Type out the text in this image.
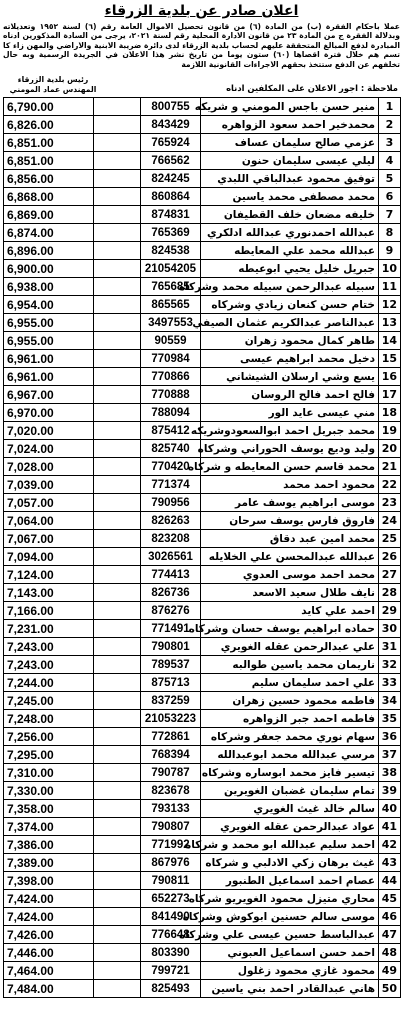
اعلان صادر عن بلدية الزرقاء

عملا باحكام الفقرة (ب) من المادة (٦) من قانون تحصيل الاموال العامة رقم (٦) لسنة ١٩٥٢ وتعديلاته وبدلالة الفقرة ج من المادة ٢٣ من قانون الادارة المحلية رقم لسنة ٢٠٢١، يرجى من السادة المذكورين ادناه المبادرة لدفع المبالغ المتحققة عليهم لحساب بلدية الزرقاء لدى دائرة ضريبة الابنية والاراضي والمهن زاء كا تسم هم خلال فترة اقصاها (٦٠) ستون يوما من تاريخ نشر هذا الاعلان في الجريدة الرسمية وبه حال تخلفهم عن الدفع ستتخذ بحقهم الاجراءات القانونية اللازمة

رئيس بلدية الزرقاء
المهندس عماد المومني	ملاحظة : اجور الاعلان على المكلفين ادناه
1	منير حسن باجس المومني و شريكه	800755		6,790.00
2	محمدخير احمد سعود الزواهره	843429		6,826.00
3	عزمي صالح سليمان عساف	765924		6,851.00
4	ليلي عيسى سليمان حنون	766562		6,851.00
5	توفيق محمود عبدالباقي اللبدي	824245		6,856.00
6	محمد مصطفى محمد ياسين	860864		6,868.00
7	خليفه مضعان خلف القطيفان	874831		6,869.00
8	عبدالله احمدنوري عبدالله ادلكري	765369		6,874.00
9	عبدالله محمد علي المعايطه	824538		6,896.00
10	جبريل خليل يحيي ابوعيطه	21054205		6,900.00
11	سبيله عبدالرحمن سبيله محمد وشركاه	765685		6,938.00
12	ختام حسن كنعان زيادي وشركاه	865565		6,954.00
13	عبدالناصر عبدالكريم عثمان الصيفي	3497553		6,955.00
14	طاهر كمال محمود زهران	90559		6,955.00
15	دخيل محمد ابراهيم عيسى	770984		6,961.00
16	يسع وشي ارسلان الشيشاني	770866		6,961.00
17	فالح احمد فالح الروسان	770888		6,967.00
18	مني عيسى عايد الور	788094		6,970.00
19	محمد جبريل احمد ابوالسعودوشريكه	875412		7,020.00
20	وليد وديع يوسف الحوراني وشركاه	825740		7,024.00
21	محمد قاسم حسن المعايطه و شركاه	770420		7,028.00
22	محمود احمد محمد	771374		7,039.00
23	موسى ابراهيم يوسف عامر	790956		7,057.00
24	فاروق فارس يوسف سرحان	826263		7,064.00
25	محمد امين عبد دقاق	823208		7,067.00
26	عبدالله عبدالمحسن علي الخلايله	3026561		7,094.00
27	محمد احمد موسى العدوي	774413		7,124.00
28	نايف طلال سعيد الاسعد	826736		7,143.00
29	احمد علي كايد	876276		7,166.00
30	حماده ابراهيم يوسف حسان وشركاه	771491		7,231.00
31	علي عبدالرحمن عقله الغويري	790801		7,243.00
32	ناريمان محمد ياسين طوالبه	789537		7,243.00
33	علي احمد سليمان سليم	875713		7,244.00
34	فاطمه محمود حسين زهران	837259		7,245.00
35	فاطمه احمد جبر الزواهره	21053223		7,248.00
36	سهام نوري محمد جعفر وشركاه	772861		7,256.00
37	مرسي عبدالله محمد ابوعبدالله	768394		7,295.00
38	تيسير فايز محمد ابوساره وشركاه	790787		7,310.00
39	تمام سليمان غضبان الغويرين	823678		7,330.00
40	سالم خالد غيث الغويري	793133		7,358.00
41	عواد عبدالرحمن عقله الغويري	790807		7,374.00
42	احمد سليم عبدالله ابو محمد و شركاه	771992		7,386.00
43	غيث برهان زكي الادلبي و شركاه	867976		7,389.00
44	عصام احمد اسماعيل الطنبور	790811		7,398.00
45	محاري متيزل محمود الغويريو شركاه	652273		7,424.00
46	موسى سالم حسنين ابوكوش وشركاه	841490		7,424.00
47	عبدالباسط حسين عيسى علي وشركاه	776648		7,426.00
48	احمد حسن اسماعيل العبوني	803390		7,446.00
49	محمود غازي محمود زغلول	799721		7,464.00
50	هاني عبدالقادر احمد بني ياسين	825493		7,484.00
